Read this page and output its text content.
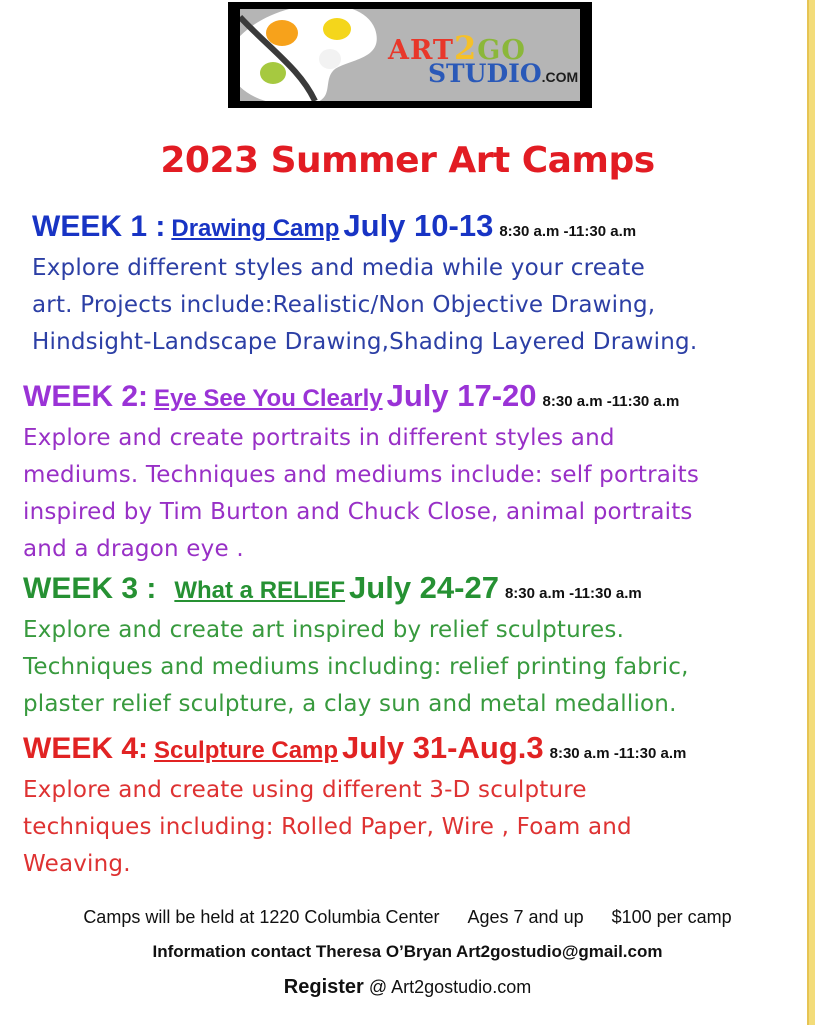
ART2GO
STUDIO.COM
2023 Summer Art Camps
WEEK 1 : Drawing Camp July 10-13 8:30 a.m -11:30 a.m
Explore different styles and media while your create
art. Projects include:Realistic/Non Objective Drawing,
Hindsight-Landscape Drawing,Shading Layered Drawing.
WEEK 2: Eye See You Clearly July 17-20 8:30 a.m -11:30 a.m
Explore and create portraits in different styles and
mediums. Techniques and mediums include: self portraits
inspired by Tim Burton and Chuck Close, animal portraits
and a dragon eye .
WEEK 3 : What a RELIEF July 24-27 8:30 a.m -11:30 a.m
Explore and create art inspired by relief sculptures.
Techniques and mediums including: relief printing fabric,
plaster relief sculpture, a clay sun and metal medallion.
WEEK 4: Sculpture Camp July 31-Aug.3 8:30 a.m -11:30 a.m
Explore and create using different 3-D sculpture
techniques including: Rolled Paper, Wire , Foam and
Weaving.
Camps will be held at 1220 Columbia Center Ages 7 and up $100 per camp
Information contact Theresa O’Bryan Art2gostudio@gmail.com
Register @ Art2gostudio.com
